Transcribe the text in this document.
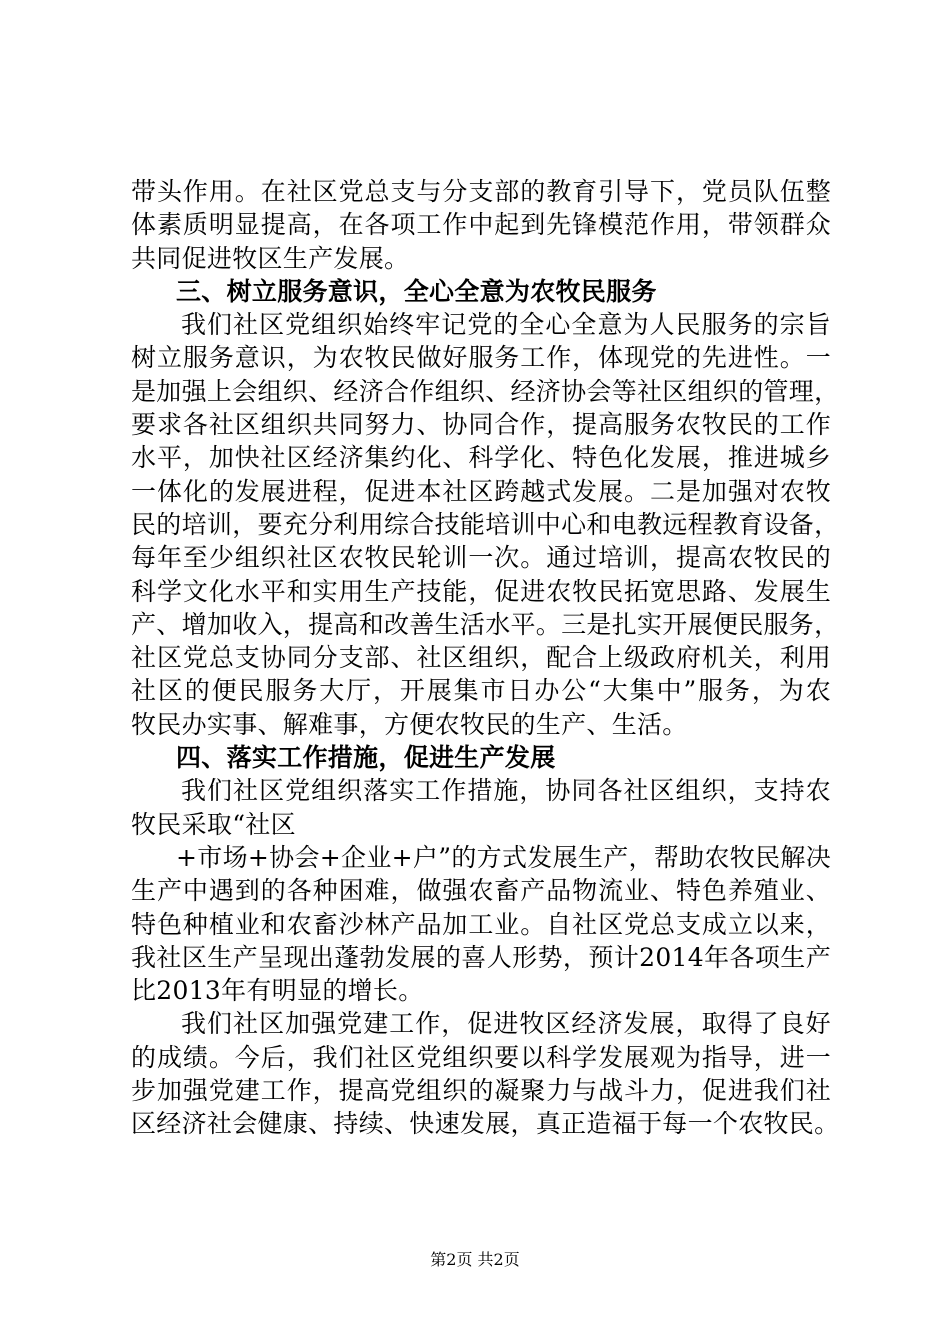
带头作用。在社区党总支与分支部的教育引导下，党员队伍整
体素质明显提高，在各项工作中起到先锋模范作用，带领群众
共同促进牧区生产发展。
三、树立服务意识，全心全意为农牧民服务
我们社区党组织始终牢记党的全心全意为人民服务的宗旨
树立服务意识，为农牧民做好服务工作，体现党的先进性。一
是加强上会组织、经济合作组织、经济协会等社区组织的管理，
要求各社区组织共同努力、协同合作，提高服务农牧民的工作
水平，加快社区经济集约化、科学化、特色化发展，推进城乡
一体化的发展进程，促进本社区跨越式发展。二是加强对农牧
民的培训，要充分利用综合技能培训中心和电教远程教育设备，
每年至少组织社区农牧民轮训一次。通过培训，提高农牧民的
科学文化水平和实用生产技能，促进农牧民拓宽思路、发展生
产、增加收入，提高和改善生活水平。三是扎实开展便民服务，
社区党总支协同分支部、社区组织，配合上级政府机关，利用
社区的便民服务大厅，开展集市日办公“大集中”服务，为农
牧民办实事、解难事，方便农牧民的生产、生活。
四、落实工作措施，促进生产发展
我们社区党组织落实工作措施，协同各社区组织，支持农
牧民采取“社区
+市场+协会+企业+户”的方式发展生产，帮助农牧民解决
生产中遇到的各种困难，做强农畜产品物流业、特色养殖业、
特色种植业和农畜沙林产品加工业。自社区党总支成立以来，
我社区生产呈现出蓬勃发展的喜人形势，预计2014年各项生产
比2013年有明显的增长。
我们社区加强党建工作，促进牧区经济发展，取得了良好
的成绩。今后，我们社区党组织要以科学发展观为指导，进一
步加强党建工作，提高党组织的凝聚力与战斗力，促进我们社
区经济社会健康、持续、快速发展，真正造福于每一个农牧民。
第2页 共2页
